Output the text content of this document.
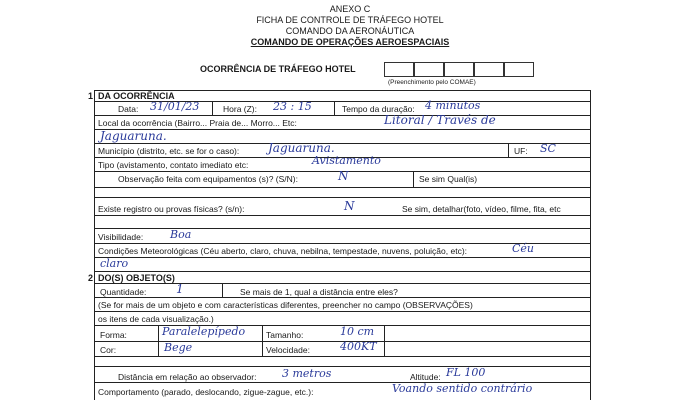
ANEXO C
FICHA DE CONTROLE DE TRÁFEGO HOTEL
COMANDO DA AERONÁUTICA
COMANDO DE OPERAÇÕES AEROESPACIAIS
OCORRÊNCIA DE TRÁFEGO HOTEL
(Preenchimento pelo COMAE)
1 DA OCORRÊNCIA
Data: 31/01/23	Hora (Z): 23 : 15	Tempo da duração: 4 minutos
Local da ocorrência (Bairro... Praia de... Morro... Etc:	Litoral / Través de
Jaguaruna.
Município (distrito, etc. se for o caso): Jaguaruna.	UF: SC
Tipo (avistamento, contato imediato etc:	Avistamento
Observação feita com equipamentos (s)? (S/N):	N	Se sim Qual(is)
Existe registro ou provas físicas? (s/n):	N	Se sim, detalhar(foto, vídeo, filme, fita, etc
Visibilidade: Boa
Condições Meteorológicas (Céu aberto, claro, chuva, nebilna, tempestade, nuvens, poluição, etc):	Céu
claro
2 DO(S) OBJETO(S)
Quantidade: 1	Se mais de 1, qual a distância entre eles?
(Se for mais de um objeto e com características diferentes, preencher no campo (OBSERVAÇÕES)
os itens de cada visualização.)
Forma:	Paralelepípedo Tamanho:	10 cm
Cor:	Bege	Velocidade:	400KT
Distância em relação ao observador: 3 metros	Altitude: FL 100
Comportamento (parado, deslocando, zigue-zague, etc.):	Voando sentido contrário
